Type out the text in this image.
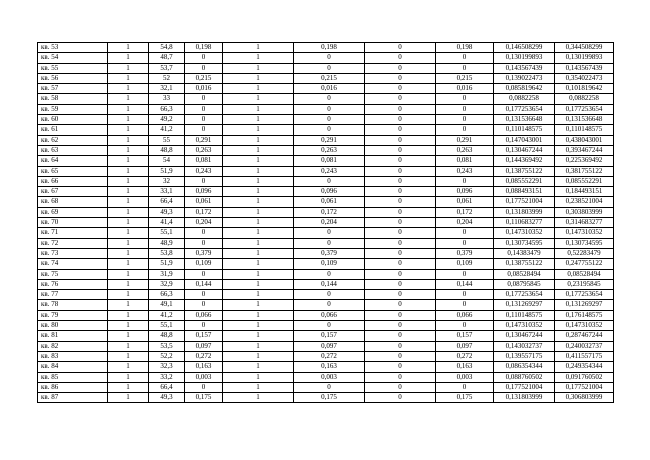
кв. 53	1	54,8	0,198	1	0,198	0	0,198	0,146508299	0,344508299
кв. 54	1	48,7	0	1	0	0	0	0,130199893	0,130199893
кв. 55	1	53,7	0	1	0	0	0	0,143567439	0,143567439
кв. 56	1	52	0,215	1	0,215	0	0,215	0,139022473	0,354022473
кв. 57	1	32,1	0,016	1	0,016	0	0,016	0,085819642	0,101819642
кв. 58	1	33	0	1	0	0	0	0,0882258	0,0882258
кв. 59	1	66,3	0	1	0	0	0	0,177253654	0,177253654
кв. 60	1	49,2	0	1	0	0	0	0,131536648	0,131536648
кв. 61	1	41,2	0	1	0	0	0	0,110148575	0,110148575
кв. 62	1	55	0,291	1	0,291	0	0,291	0,147043001	0,438043001
кв. 63	1	48,8	0,263	1	0,263	0	0,263	0,130467244	0,393467244
кв. 64	1	54	0,081	1	0,081	0	0,081	0,144369492	0,225369492
кв. 65	1	51,9	0,243	1	0,243	0	0,243	0,138755122	0,381755122
кв. 66	1	32	0	1	0	0	0	0,085552291	0,085552291
кв. 67	1	33,1	0,096	1	0,096	0	0,096	0,088493151	0,184493151
кв. 68	1	66,4	0,061	1	0,061	0	0,061	0,177521004	0,238521004
кв. 69	1	49,3	0,172	1	0,172	0	0,172	0,131803999	0,303803999
кв. 70	1	41,4	0,204	1	0,204	0	0,204	0,110683277	0,314683277
кв. 71	1	55,1	0	1	0	0	0	0,147310352	0,147310352
кв. 72	1	48,9	0	1	0	0	0	0,130734595	0,130734595
кв. 73	1	53,8	0,379	1	0,379	0	0,379	0,14383479	0,52283479
кв. 74	1	51,9	0,109	1	0,109	0	0,109	0,138755122	0,247755122
кв. 75	1	31,9	0	1	0	0	0	0,08528494	0,08528494
кв. 76	1	32,9	0,144	1	0,144	0	0,144	0,08795845	0,23195845
кв. 77	1	66,3	0	1	0	0	0	0,177253654	0,177253654
кв. 78	1	49,1	0	1	0	0	0	0,131269297	0,131269297
кв. 79	1	41,2	0,066	1	0,066	0	0,066	0,110148575	0,176148575
кв. 80	1	55,1	0	1	0	0	0	0,147310352	0,147310352
кв. 81	1	48,8	0,157	1	0,157	0	0,157	0,130467244	0,287467244
кв. 82	1	53,5	0,097	1	0,097	0	0,097	0,143032737	0,240032737
кв. 83	1	52,2	0,272	1	0,272	0	0,272	0,139557175	0,411557175
кв. 84	1	32,3	0,163	1	0,163	0	0,163	0,086354344	0,249354344
кв. 85	1	33,2	0,003	1	0,003	0	0,003	0,088760502	0,091760502
кв. 86	1	66,4	0	1	0	0	0	0,177521004	0,177521004
кв. 87	1	49,3	0,175	1	0,175	0	0,175	0,131803999	0,306803999
